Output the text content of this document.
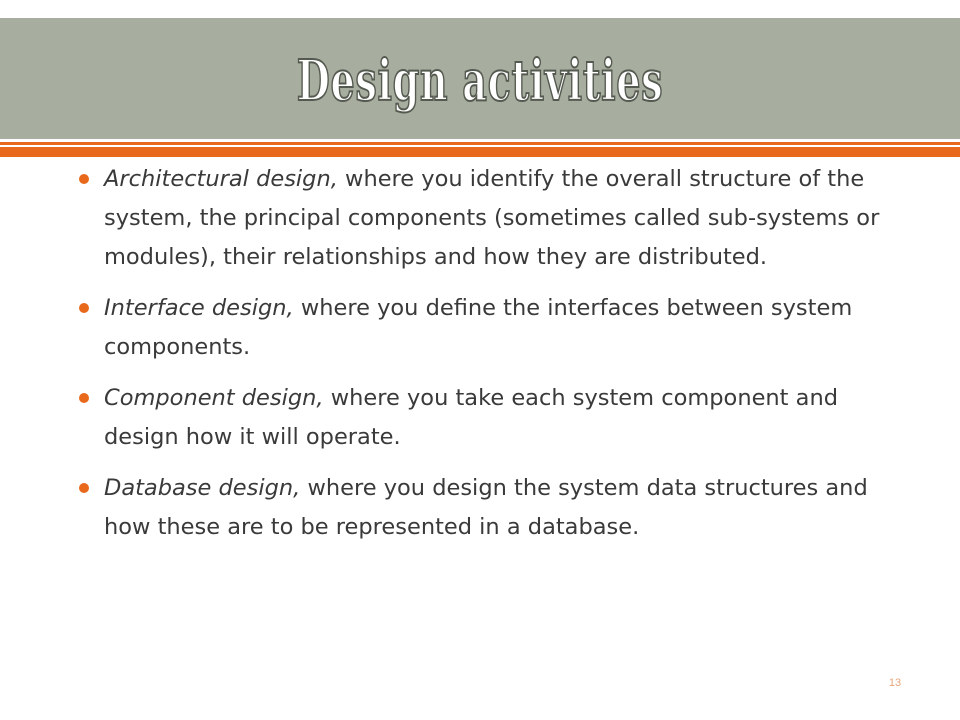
Design activities
Architectural design, where you identify the overall structure of the system, the principal components (sometimes called sub-systems or modules), their relationships and how they are distributed.
Interface design, where you define the interfaces between system components.
Component design, where you take each system component and design how it will operate.
Database design, where you design the system data structures and how these are to be represented in a database.
13
